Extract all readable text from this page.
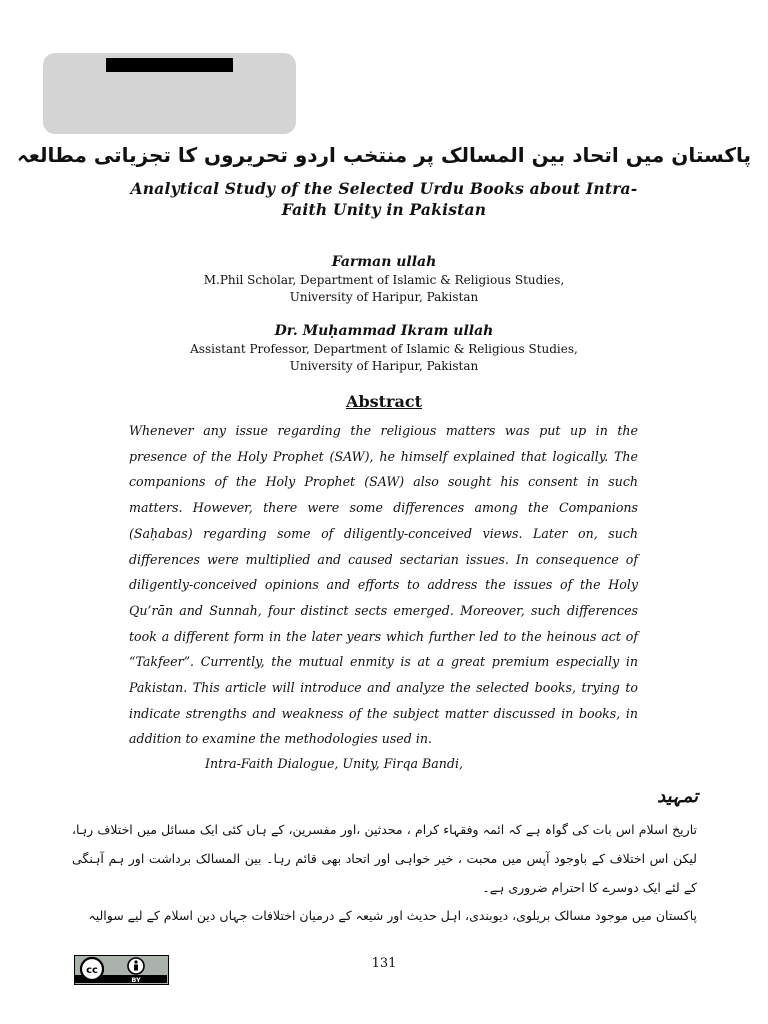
پاکستان میں اتحاد بین المسالک پر منتخب اردو تحریروں کا تجزیاتی مطالعہ
Analytical Study of the Selected Urdu Books about Intra-Faith Unity in Pakistan
Farman ullah
M.Phil Scholar, Department of Islamic & Religious Studies,
University of Haripur, Pakistan
Dr. Muḥammad Ikram ullah
Assistant Professor, Department of Islamic & Religious Studies,
University of Haripur, Pakistan
Abstract

Whenever any issue regarding the religious matters was put up in the presence of the Holy Prophet (SAW), he himself explained that logically. The companions of the Holy Prophet (SAW) also sought his consent in such matters. However, there were some differences among the Companions (Saḥabas) regarding some of diligently-conceived views. Later on, such differences were multiplied and caused sectarian issues. In consequence of diligently-conceived opinions and efforts to address the issues of the Holy Qu’rān and Sunnah, four distinct sects emerged. Moreover, such differences took a different form in the later years which further led to the heinous act of “Takfeer”. Currently, the mutual enmity is at a great premium especially in Pakistan. This article will introduce and analyze the selected books, trying to indicate strengths and weakness of the subject matter discussed in books, in addition to examine the methodologies used in.

Intra-Faith Dialogue, Unity, Firqa Bandi,

تمہید

تاریخ اسلام اس بات کی گواہ ہے کہ ائمہ وفقہاء کرام ، محدثین ،اور مفسرین، کے ہاں کئی ایک مسائل میں اختلاف رہا، لیکن اس اختلاف کے باوجود آپس میں محبت ، خیر خواہی اور اتحاد بھی قائم رہا۔ بین المسالک برداشت اور ہم آہنگی کے لئے ایک دوسرے کا احترام ضروری ہے۔

پاکستان میں موجود مسالک بریلوی، دیوبندی، اہل حدیث اور شیعہ کے درمیان اختلافات جہاں دین اسلام کے لیے سوالیہ

cc
BY
131
